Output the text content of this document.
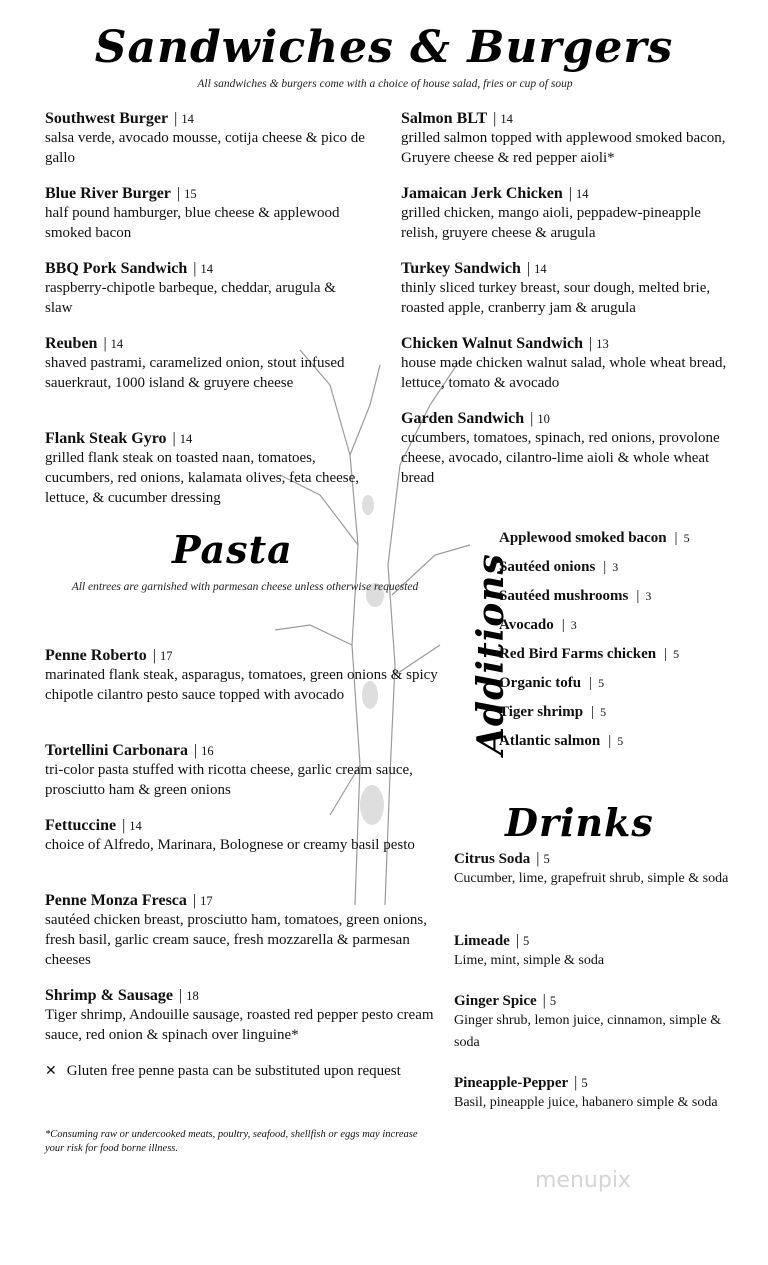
Sandwiches & Burgers
All sandwiches & burgers come with a choice of house salad, fries or cup of soup
Southwest Burger | 14
salsa verde, avocado mousse, cotija cheese & pico de gallo
Blue River Burger | 15
half pound hamburger, blue cheese & applewood smoked bacon
BBQ Pork Sandwich | 14
raspberry-chipotle barbeque, cheddar, arugula & slaw
Reuben | 14
shaved pastrami, caramelized onion, stout infused sauerkraut, 1000 island & gruyere cheese
Flank Steak Gyro | 14
grilled flank steak on toasted naan, tomatoes, cucumbers, red onions, kalamata olives, feta cheese, lettuce, & cucumber dressing
Salmon BLT | 14
grilled salmon topped with applewood smoked bacon, Gruyere cheese & red pepper aioli*
Jamaican Jerk Chicken | 14
grilled chicken, mango aioli, peppadew-pineapple relish, gruyere cheese & arugula
Turkey Sandwich | 14
thinly sliced turkey breast, sour dough, melted brie, roasted apple, cranberry jam & arugula
Chicken Walnut Sandwich | 13
house made chicken walnut salad, whole wheat bread, lettuce, tomato & avocado
Garden Sandwich | 10
cucumbers, tomatoes, spinach, red onions, provolone cheese, avocado, cilantro-lime aioli & whole wheat bread
Pasta
All entrees are garnished with parmesan cheese unless otherwise requested
Penne Roberto | 17
marinated flank steak, asparagus, tomatoes, green onions & spicy chipotle cilantro pesto sauce topped with avocado
Tortellini Carbonara | 16
tri-color pasta stuffed with ricotta cheese, garlic cream sauce, prosciutto ham & green onions
Fettuccine | 14
choice of Alfredo, Marinara, Bolognese or creamy basil pesto
Penne Monza Fresca | 17
sautéed chicken breast, prosciutto ham, tomatoes, green onions, fresh basil, garlic cream sauce, fresh mozzarella & parmesan cheeses
Shrimp & Sausage | 18
Tiger shrimp, Andouille sausage, roasted red pepper pesto cream sauce, red onion & spinach over linguine*
✕ Gluten free penne pasta can be substituted upon request
*Consuming raw or undercooked meats, poultry, seafood, shellfish or eggs may increase your risk for food borne illness.
Additions
Applewood smoked bacon | 5
Sautéed onions | 3
Sautéed mushrooms | 3
Avocado | 3
Red Bird Farms chicken | 5
Organic tofu | 5
Tiger shrimp | 5
Atlantic salmon | 5
Drinks
Citrus Soda | 5
Cucumber, lime, grapefruit shrub, simple & soda
Limeade | 5
Lime, mint, simple & soda
Ginger Spice | 5
Ginger shrub, lemon juice, cinnamon, simple & soda
Pineapple-Pepper | 5
Basil, pineapple juice, habanero simple & soda
menupix
